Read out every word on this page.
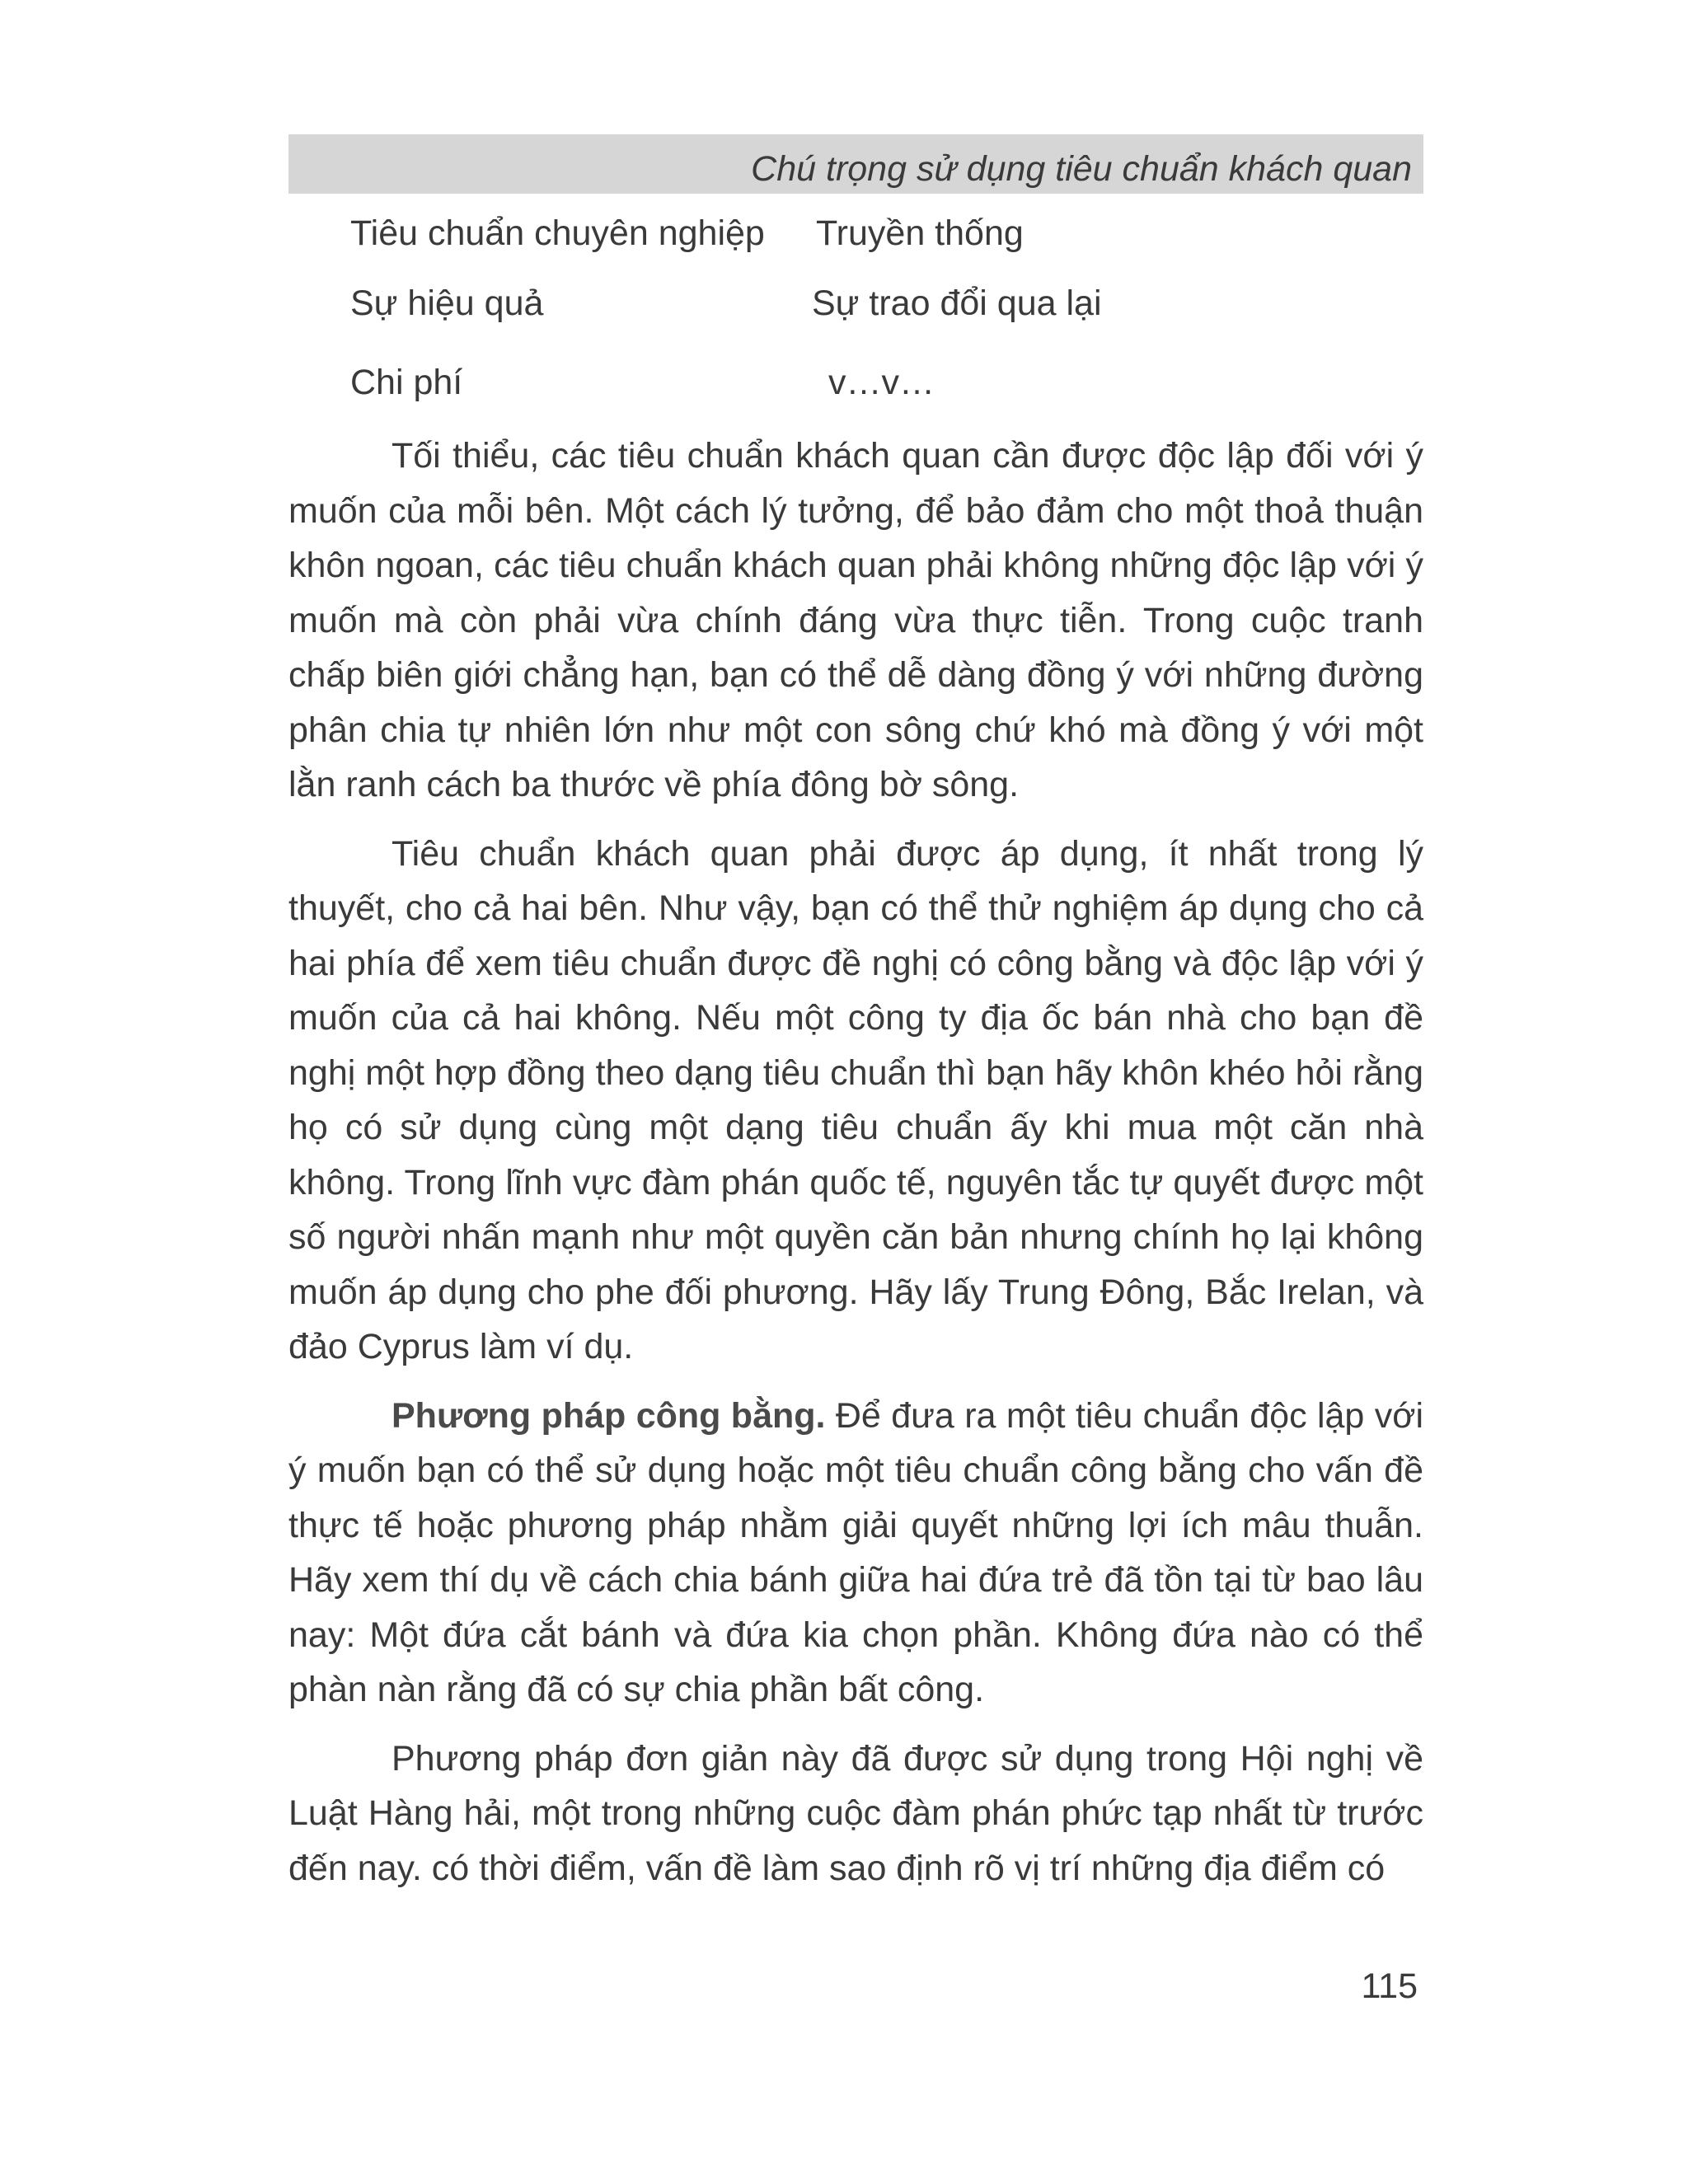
Chú trọng sử dụng tiêu chuẩn khách quan
Tiêu chuẩn chuyên nghiệp Truyền thống
Sự hiệu quả	Sự trao đổi qua lại
Chi phí	v…v…

Tối thiểu, các tiêu chuẩn khách quan cần được độc lập đối với ý muốn của mỗi bên. Một cách lý tưởng, để bảo đảm cho một thoả thuận khôn ngoan, các tiêu chuẩn khách quan phải không những độc lập với ý muốn mà còn phải vừa chính đáng vừa thực tiễn. Trong cuộc tranh chấp biên giới chẳng hạn, bạn có thể dễ dàng đồng ý với những đường phân chia tự nhiên lớn như một con sông chứ khó mà đồng ý với một lằn ranh cách ba thước về phía đông bờ sông.

Tiêu chuẩn khách quan phải được áp dụng, ít nhất trong lý thuyết, cho cả hai bên. Như vậy, bạn có thể thử nghiệm áp dụng cho cả hai phía để xem tiêu chuẩn được đề nghị có công bằng và độc lập với ý muốn của cả hai không. Nếu một công ty địa ốc bán nhà cho bạn đề nghị một hợp đồng theo dạng tiêu chuẩn thì bạn hãy khôn khéo hỏi rằng họ có sử dụng cùng một dạng tiêu chuẩn ấy khi mua một căn nhà không. Trong lĩnh vực đàm phán quốc tế, nguyên tắc tự quyết được một số người nhấn mạnh như một quyền căn bản nhưng chính họ lại không muốn áp dụng cho phe đối phương. Hãy lấy Trung Đông, Bắc Irelan, và đảo Cyprus làm ví dụ.

Phương pháp công bằng. Để đưa ra một tiêu chuẩn độc lập với ý muốn bạn có thể sử dụng hoặc một tiêu chuẩn công bằng cho vấn đề thực tế hoặc phương pháp nhằm giải quyết những lợi ích mâu thuẫn. Hãy xem thí dụ về cách chia bánh giữa hai đứa trẻ đã tồn tại từ bao lâu nay: Một đứa cắt bánh và đứa kia chọn phần. Không đứa nào có thể phàn nàn rằng đã có sự chia phần bất công.

Phương pháp đơn giản này đã được sử dụng trong Hội nghị về Luật Hàng hải, một trong những cuộc đàm phán phức tạp nhất từ trước đến nay. có thời điểm, vấn đề làm sao định rõ vị trí những địa điểm có

115
